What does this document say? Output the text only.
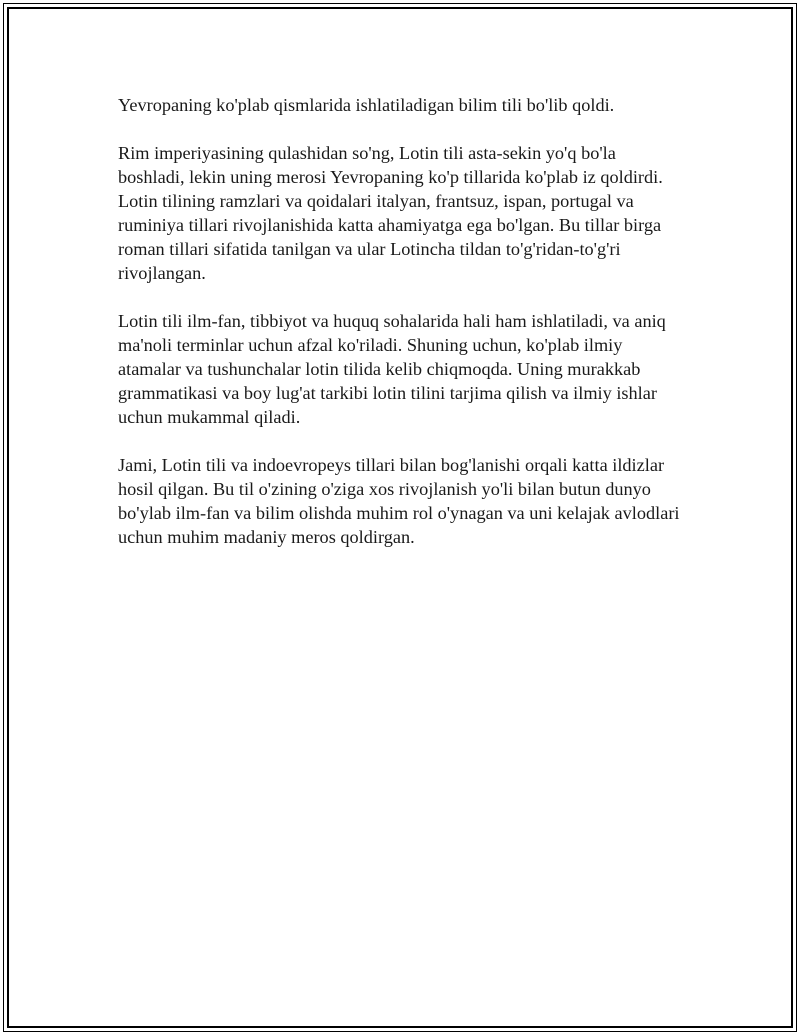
Yevropaning ko'plab qismlarida ishlatiladigan bilim tili bo'lib qoldi.

Rim imperiyasining qulashidan so'ng, Lotin tili asta-sekin yo'q bo'la
boshladi, lekin uning merosi Yevropaning ko'p tillarida ko'plab iz qoldirdi.
Lotin tilining ramzlari va qoidalari italyan, frantsuz, ispan, portugal va
ruminiya tillari rivojlanishida katta ahamiyatga ega bo'lgan. Bu tillar birga
roman tillari sifatida tanilgan va ular Lotincha tildan to'g'ridan-to'g'ri
rivojlangan.

Lotin tili ilm-fan, tibbiyot va huquq sohalarida hali ham ishlatiladi, va aniq
ma'noli terminlar uchun afzal ko'riladi. Shuning uchun, ko'plab ilmiy
atamalar va tushunchalar lotin tilida kelib chiqmoqda. Uning murakkab
grammatikasi va boy lug'at tarkibi lotin tilini tarjima qilish va ilmiy ishlar
uchun mukammal qiladi.

Jami, Lotin tili va indoevropeys tillari bilan bog'lanishi orqali katta ildizlar
hosil qilgan. Bu til o'zining o'ziga xos rivojlanish yo'li bilan butun dunyo
bo'ylab ilm-fan va bilim olishda muhim rol o'ynagan va uni kelajak avlodlari
uchun muhim madaniy meros qoldirgan.
